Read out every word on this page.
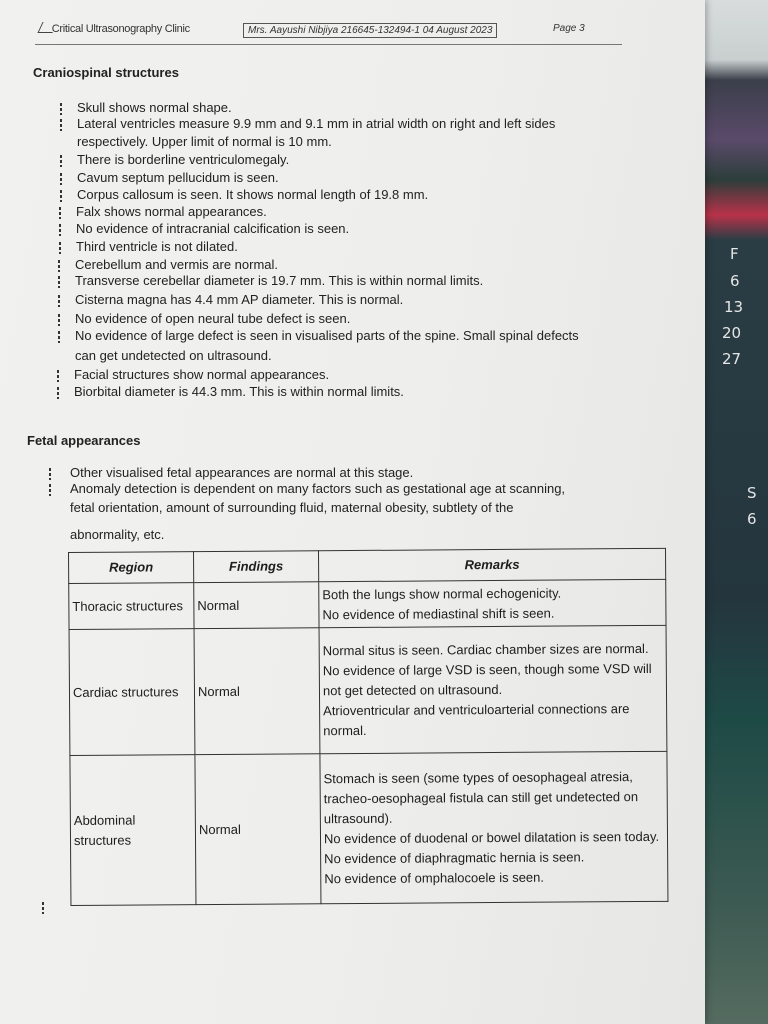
F
6
13
20
27
S
6
Critical Ultrasonography Clinic	Mrs. Aayushi Nibjiya 216645-132494-1 04 August 2023	Page 3
Craniospinal structures
Skull shows normal shape.
Lateral ventricles measure 9.9 mm and 9.1 mm in atrial width on right and left sides
respectively. Upper limit of normal is 10 mm.
There is borderline ventriculomegaly.
Cavum septum pellucidum is seen.
Corpus callosum is seen. It shows normal length of 19.8 mm.
Falx shows normal appearances.
No evidence of intracranial calcification is seen.
Third ventricle is not dilated.
Cerebellum and vermis are normal.
Transverse cerebellar diameter is 19.7 mm. This is within normal limits.
Cisterna magna has 4.4 mm AP diameter. This is normal.
No evidence of open neural tube defect is seen.
No evidence of large defect is seen in visualised parts of the spine. Small spinal defects
can get undetected on ultrasound.
Facial structures show normal appearances.
Biorbital diameter is 44.3 mm. This is within normal limits.
Fetal appearances
Other visualised fetal appearances are normal at this stage.
Anomaly detection is dependent on many factors such as gestational age at scanning,
fetal orientation, amount of surrounding fluid, maternal obesity, subtlety of the
abnormality, etc.
Region	Findings	Remarks
Thoracic structures	Normal	Both the lungs show normal echogenicity.
No evidence of mediastinal shift is seen.

Cardiac structures	Normal	Normal situs is seen. Cardiac chamber sizes are normal.
No evidence of large VSD is seen, though some VSD will not get detected on ultrasound.
Atrioventricular and ventriculoarterial connections are normal.

Abdominal structures	Normal	Stomach is seen (some types of oesophageal atresia, tracheo-oesophageal fistula can still get undetected on ultrasound).
No evidence of duodenal or bowel dilatation is seen today.
No evidence of diaphragmatic hernia is seen.
No evidence of omphalocoele is seen.
